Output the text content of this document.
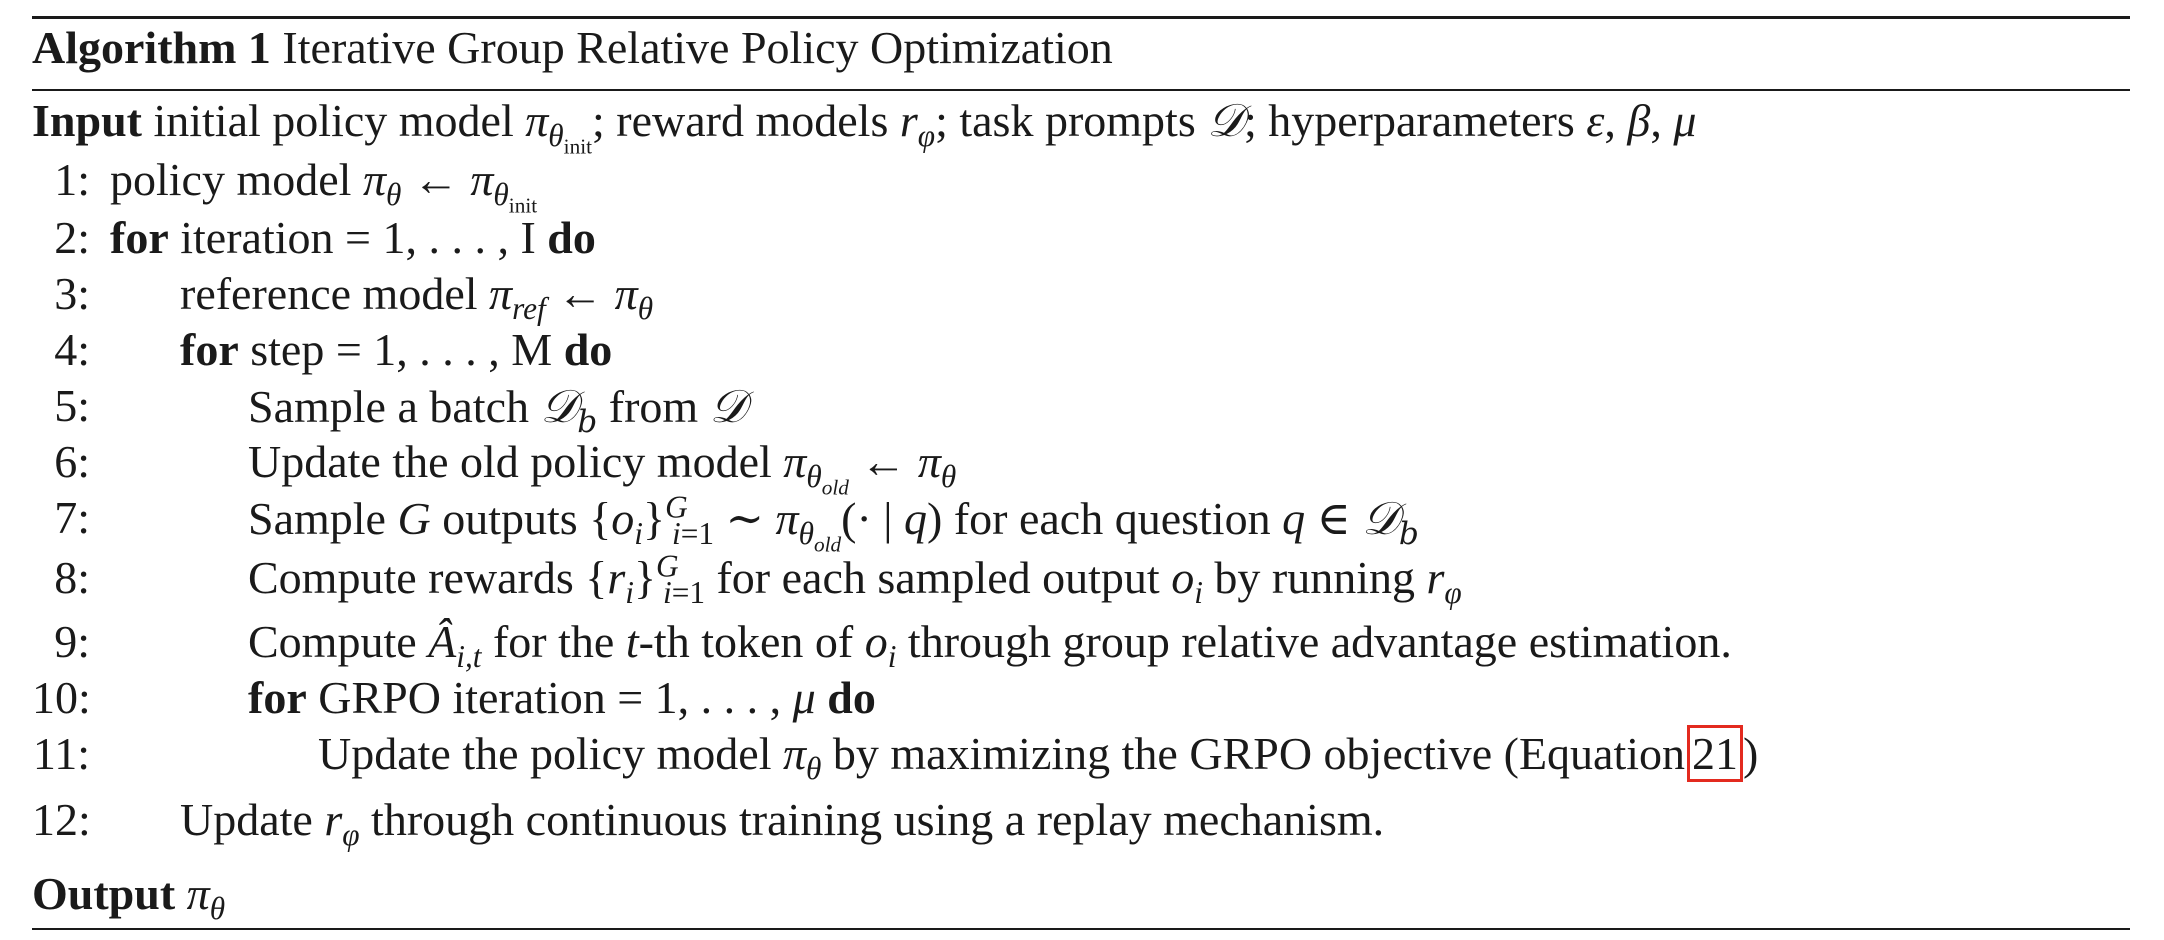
Algorithm 1 Iterative Group Relative Policy Optimization
Input initial policy model $\pi_{\theta_{init}}$; reward models $r_\varphi$; task prompts 𝒟; hyperparameters ε, β, μ
1: policy model $\pi_\theta$ ← $\pi_{\theta_{init}}$
2: for iteration = 1, . . . , I do
3: reference model $\pi_{ref}$ ← $\pi_\theta$
4: for step = 1, . . . , M do
5:	Sample a batch 𝒟$_b$ from 𝒟
6:	Update the old policy model $\pi_{\theta_{old}}$ ← $\pi_\theta$
7:	Sample G outputs $\{o_i\}^G_{i=1}$ ∼ $\pi_{\theta_{old}}(\cdot$ | q) for each question q ∈ 𝒟$_b$
8:	Compute rewards $\{r_i\}^G_{i=1}$ for each sampled output $o_i$ by running $r_\varphi$
9:	Compute $Â_{i,t}$ for the t-th token of $o_i$ through group relative advantage estimation.
10:	for GRPO iteration = 1, . . . , μ do
11:	Update the policy model $\pi_\theta$ by maximizing the GRPO objective (Equation 21 )
12: Update $r_\varphi$ through continuous training using a replay mechanism.
Output $\pi_\theta$
